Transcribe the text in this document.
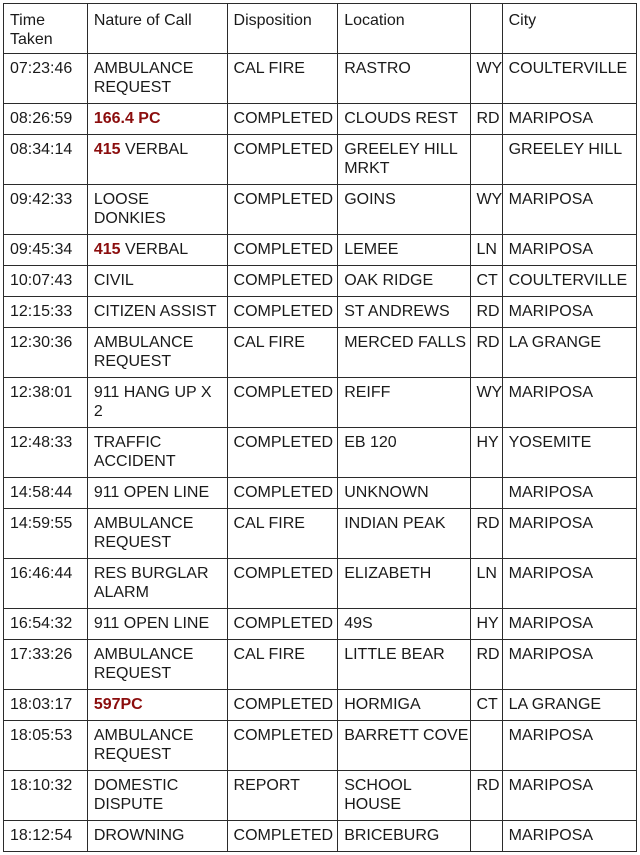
Time Taken	Nature of Call	Disposition	Location		City
07:23:46	AMBULANCE REQUEST	CAL FIRE	RASTRO	WY	COULTERVILLE
08:26:59	166.4 PC	COMPLETED	CLOUDS REST	RD	MARIPOSA
08:34:14	415 VERBAL	COMPLETED	GREELEY HILL MRKT		GREELEY HILL
09:42:33	LOOSE DONKIES	COMPLETED	GOINS	WY	MARIPOSA
09:45:34	415 VERBAL	COMPLETED	LEMEE	LN	MARIPOSA
10:07:43	CIVIL	COMPLETED	OAK RIDGE	CT	COULTERVILLE
12:15:33	CITIZEN ASSIST	COMPLETED	ST ANDREWS	RD	MARIPOSA
12:30:36	AMBULANCE REQUEST	CAL FIRE	MERCED FALLS	RD	LA GRANGE
12:38:01	911 HANG UP X 2	COMPLETED	REIFF	WY	MARIPOSA
12:48:33	TRAFFIC ACCIDENT	COMPLETED	EB 120	HY	YOSEMITE
14:58:44	911 OPEN LINE	COMPLETED	UNKNOWN		MARIPOSA
14:59:55	AMBULANCE REQUEST	CAL FIRE	INDIAN PEAK	RD	MARIPOSA
16:46:44	RES BURGLAR ALARM	COMPLETED	ELIZABETH	LN	MARIPOSA
16:54:32	911 OPEN LINE	COMPLETED	49S	HY	MARIPOSA
17:33:26	AMBULANCE REQUEST	CAL FIRE	LITTLE BEAR	RD	MARIPOSA
18:03:17	597PC	COMPLETED	HORMIGA	CT	LA GRANGE
18:05:53	AMBULANCE REQUEST	COMPLETED	BARRETT COVE		MARIPOSA
18:10:32	DOMESTIC DISPUTE	REPORT	SCHOOL HOUSE	RD	MARIPOSA
18:12:54	DROWNING	COMPLETED	BRICEBURG		MARIPOSA
